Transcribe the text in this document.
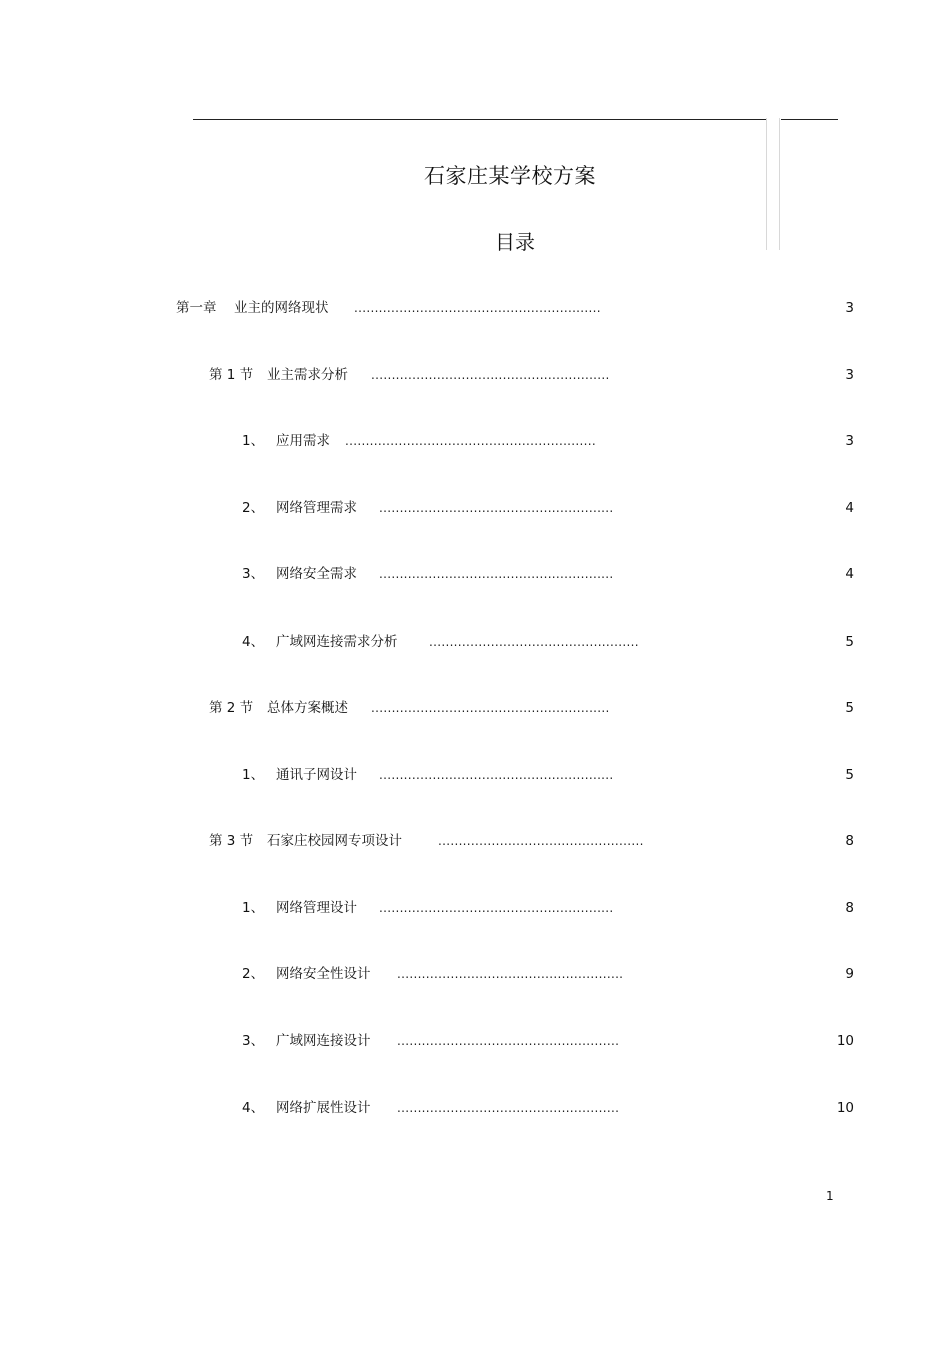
石家庄某学校方案
目录
第一章 业主的网络现状 ............................................................	3
第 1 节 业主需求分析 ..........................................................	3
1、 应用需求 .............................................................	3
2、 网络管理需求 .........................................................	4
3、 网络安全需求 .........................................................	4
4、 广域网连接需求分析	...................................................	5
第 2 节 总体方案概述 ..........................................................	5
1、 通讯子网设计 .........................................................	5
第 3 节 石家庄校园网专项设计	..................................................	8
1、 网络管理设计 .........................................................	8
2、 网络安全性设计 .......................................................	9
3、 广域网连接设计 ......................................................	10
4、 网络扩展性设计 ......................................................	10
1
